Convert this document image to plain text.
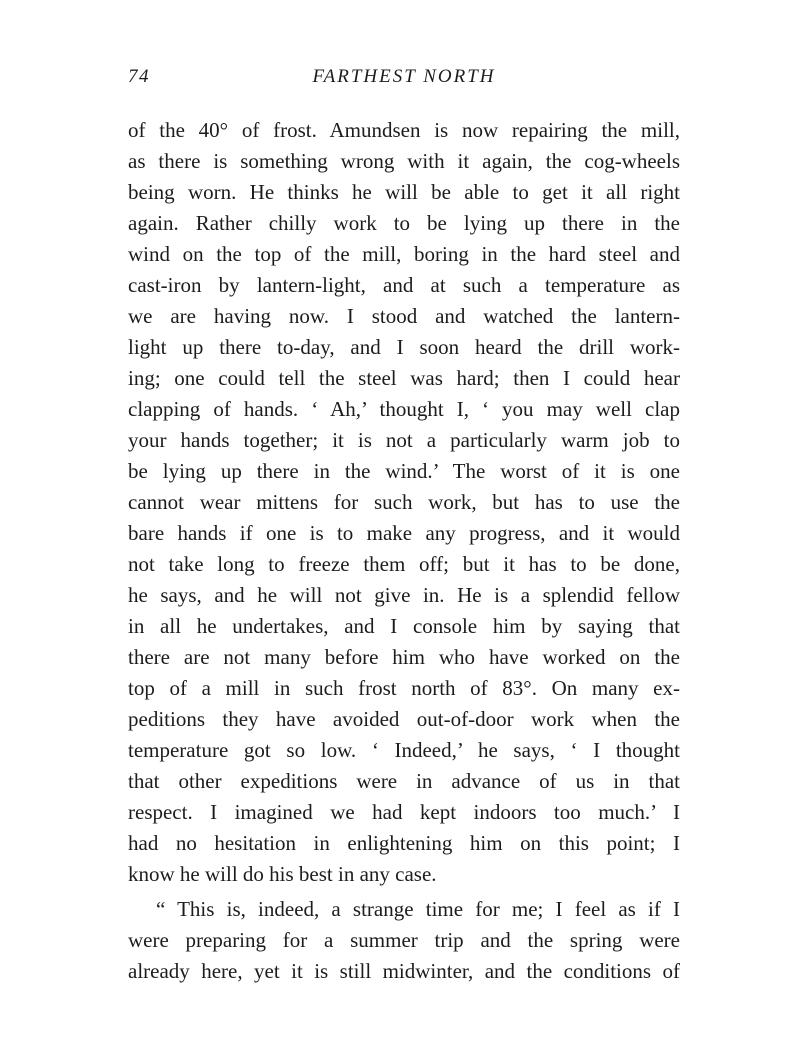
74	FARTHEST NORTH
of the 40° of frost. Amundsen is now repairing the mill,
as there is something wrong with it again, the cog-wheels
being worn. He thinks he will be able to get it all right
again. Rather chilly work to be lying up there in the
wind on the top of the mill, boring in the hard steel and
cast-iron by lantern-light, and at such a temperature as
we are having now. I stood and watched the lantern-
light up there to-day, and I soon heard the drill work-
ing; one could tell the steel was hard; then I could hear
clapping of hands. ‘ Ah,’ thought I, ‘ you may well clap
your hands together; it is not a particularly warm job to
be lying up there in the wind.’ The worst of it is one
cannot wear mittens for such work, but has to use the
bare hands if one is to make any progress, and it would
not take long to freeze them off; but it has to be done,
he says, and he will not give in. He is a splendid fellow
in all he undertakes, and I console him by saying that
there are not many before him who have worked on the
top of a mill in such frost north of 83°. On many ex-
peditions they have avoided out-of-door work when the
temperature got so low. ‘ Indeed,’ he says, ‘ I thought
that other expeditions were in advance of us in that
respect. I imagined we had kept indoors too much.’ I
had no hesitation in enlightening him on this point; I
know he will do his best in any case.
“ This is, indeed, a strange time for me; I feel as if I
were preparing for a summer trip and the spring were
already here, yet it is still midwinter, and the conditions of
